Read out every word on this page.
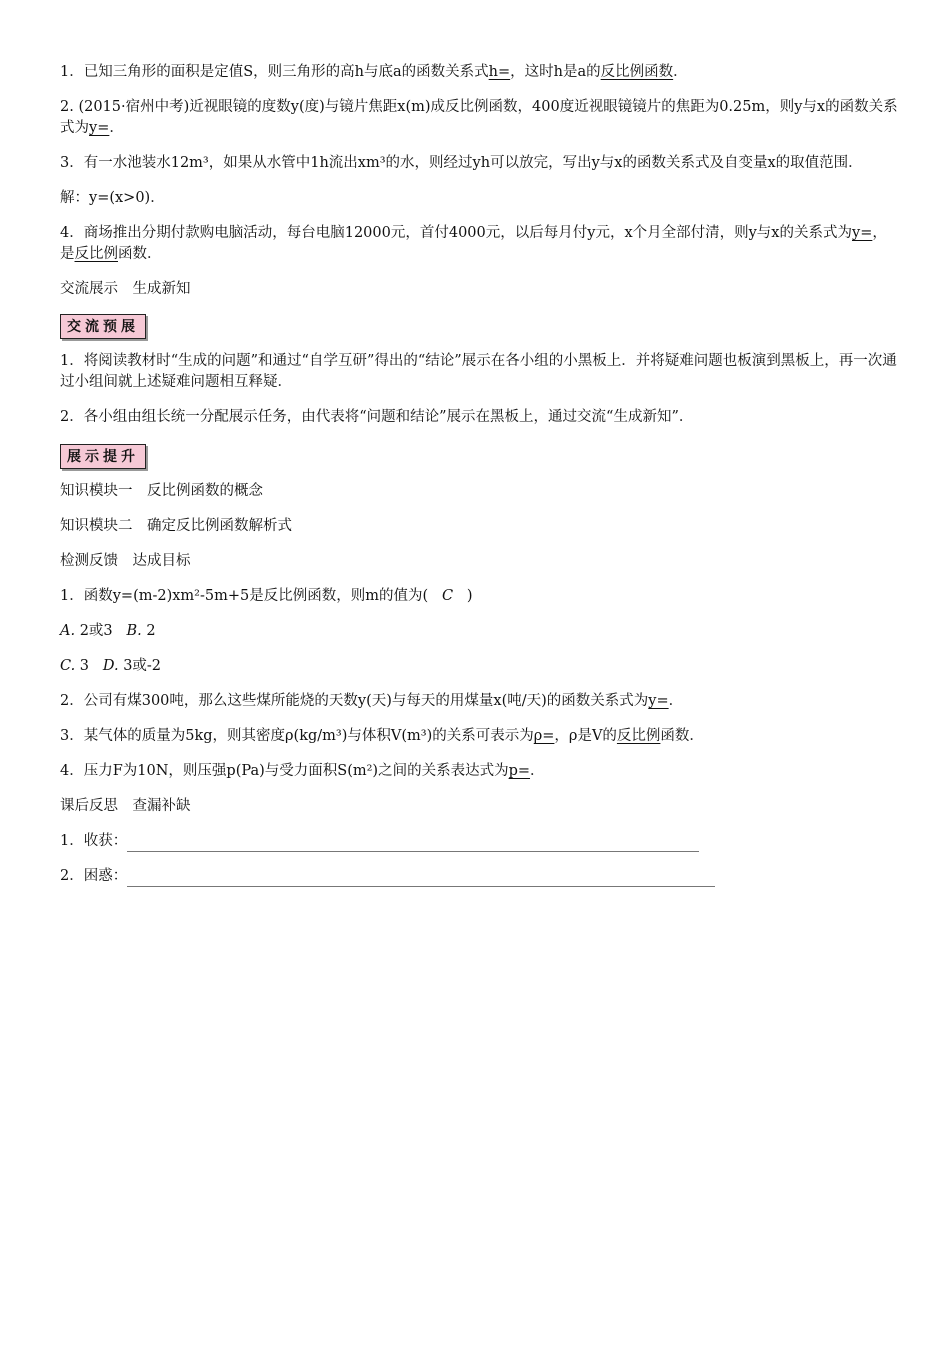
1．已知三角形的面积是定值S，则三角形的高h与底a的函数关系式h=，这时h是a的反比例函数．

2. (2015·宿州中考)近视眼镜的度数y(度)与镜片焦距x(m)成反比例函数，400度近视眼镜镜片的焦距为0.25m，则y与x的函数关系式为y=．

3．有一水池装水12m³，如果从水管中1h流出xm³的水，则经过yh可以放完，写出y与x的函数关系式及自变量x的取值范围．

解：y=(x>0)．

4．商场推出分期付款购电脑活动，每台电脑12000元，首付4000元，以后每月付y元，x个月全部付清，则y与x的关系式为y=，是反比例函数．

交流展示　生成新知

交流预展

1．将阅读教材时“生成的问题”和通过“自学互研”得出的“结论”展示在各小组的小黑板上．并将疑难问题也板演到黑板上，再一次通过小组间就上述疑难问题相互释疑．

2．各小组由组长统一分配展示任务，由代表将“问题和结论”展示在黑板上，通过交流“生成新知”．

展示提升

知识模块一　反比例函数的概念

知识模块二　确定反比例函数解析式

检测反馈　达成目标

1．函数y=(m-2)xm²-5m+5是反比例函数，则m的值为( C )

A. 2或3 B. 2

C. 3 D. 3或-2

2．公司有煤300吨，那么这些煤所能烧的天数y(天)与每天的用煤量x(吨/天)的函数关系式为y=．

3．某气体的质量为5kg，则其密度ρ(kg/m³)与体积V(m³)的关系可表示为ρ=，ρ是V的反比例函数．

4．压力F为10N，则压强p(Pa)与受力面积S(m²)之间的关系表达式为p=．

课后反思　查漏补缺

1．收获：

2．困惑：
